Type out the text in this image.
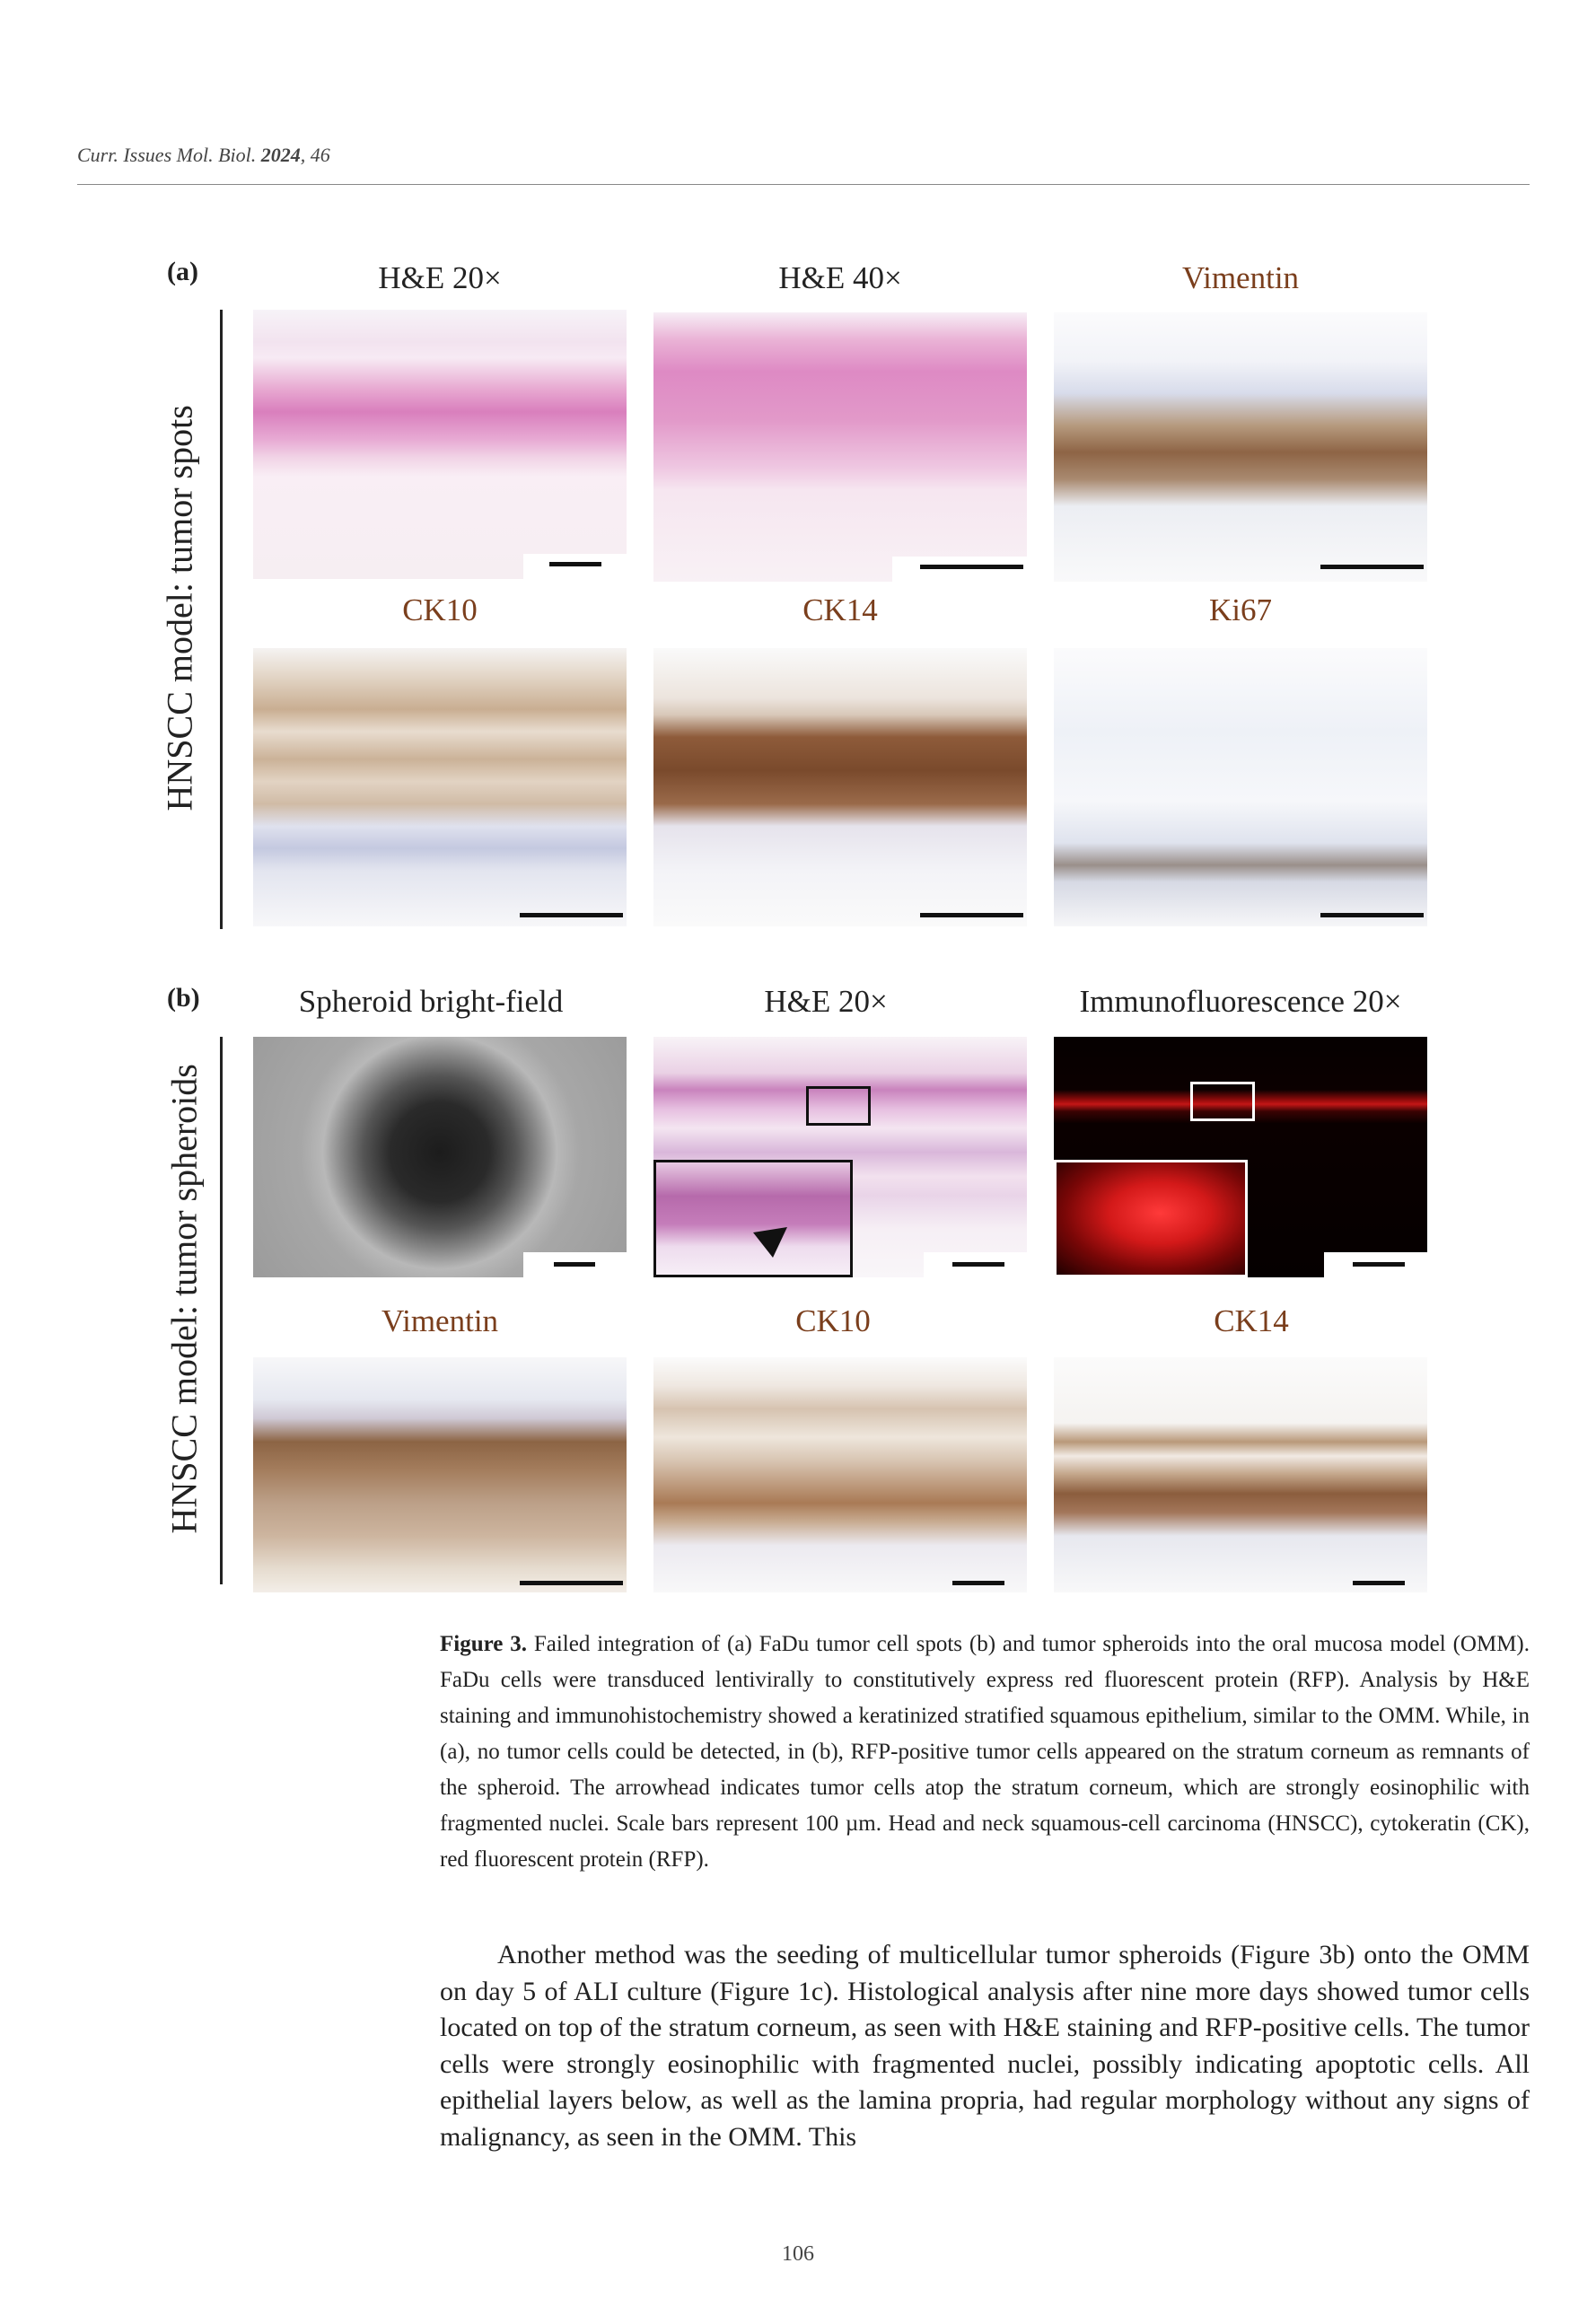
Curr. Issues Mol. Biol. 2024, 46
(a)
HNSCC model: tumor spots
H&E 20×	H&E 40×	Vimentin
CK10	CK14	Ki67
(b)
HNSCC model: tumor spheroids
Spheroid bright-field	H&E 20×	Immunofluorescence 20×
Vimentin	CK10	CK14
Figure 3. Failed integration of (a) FaDu tumor cell spots (b) and tumor spheroids into the oral mucosa model (OMM). FaDu cells were transduced lentivirally to constitutively express red fluorescent protein (RFP). Analysis by H&E staining and immunohistochemistry showed a keratinized stratified squamous epithelium, similar to the OMM. While, in (a), no tumor cells could be detected, in (b), RFP-positive tumor cells appeared on the stratum corneum as remnants of the spheroid. The arrowhead indicates tumor cells atop the stratum corneum, which are strongly eosinophilic with fragmented nuclei. Scale bars represent 100 µm. Head and neck squamous-cell carcinoma (HNSCC), cytokeratin (CK), red fluorescent protein (RFP).

Another method was the seeding of multicellular tumor spheroids (Figure 3b) onto the OMM on day 5 of ALI culture (Figure 1c). Histological analysis after nine more days showed tumor cells located on top of the stratum corneum, as seen with H&E staining and RFP-positive cells. The tumor cells were strongly eosinophilic with fragmented nuclei, possibly indicating apoptotic cells. All epithelial layers below, as well as the lamina propria, had regular morphology without any signs of malignancy, as seen in the OMM. This

106
